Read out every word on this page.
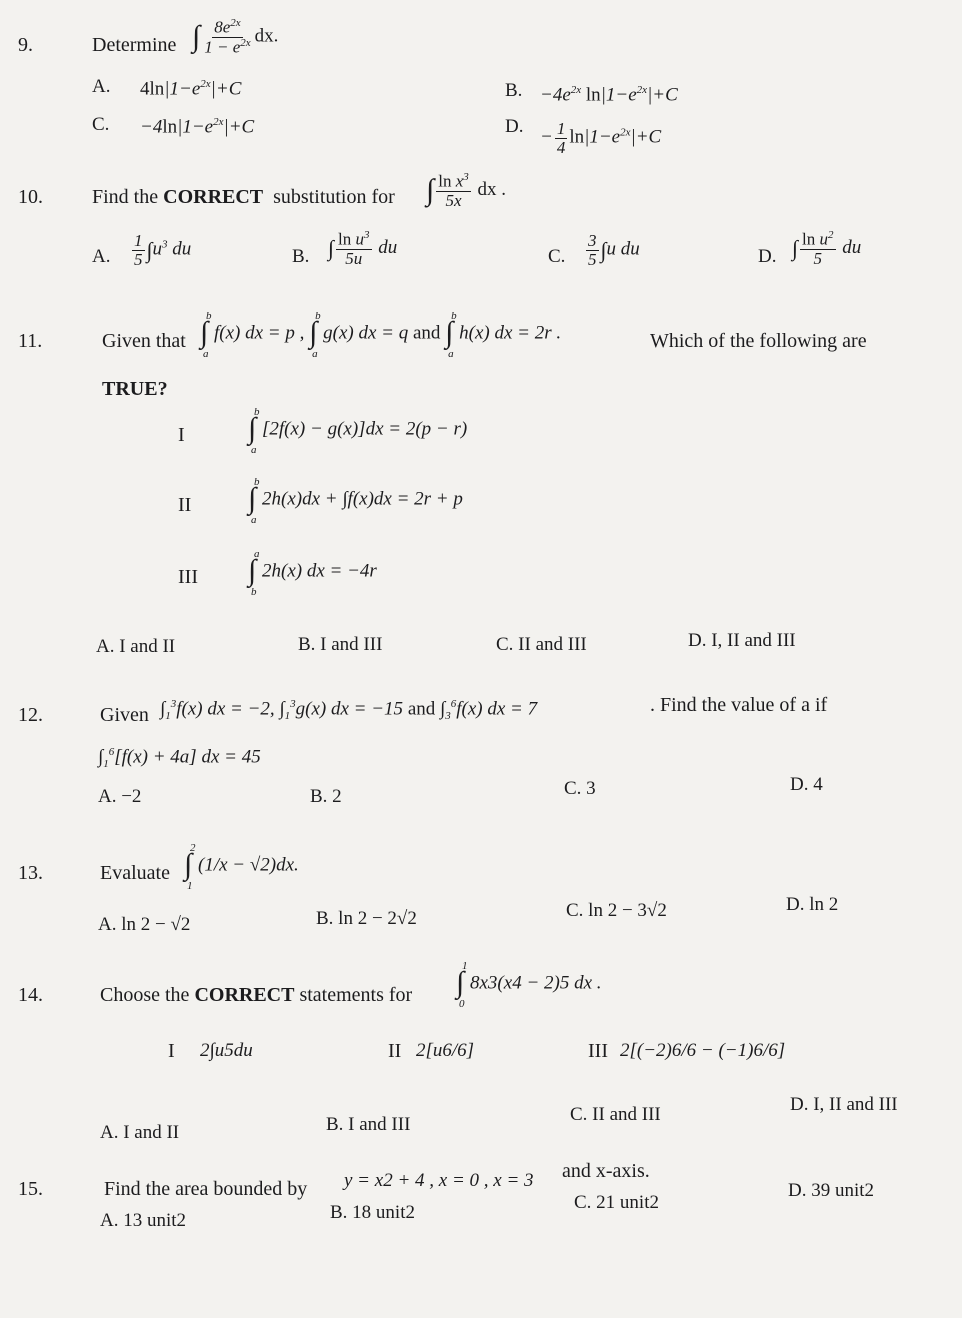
9.	Determine ∫ $\frac{8e^{2x}}{1 - e^{2x}}$ dx.
A. $4\ln|1-e^{2x}|+C$	B. $-4e^{2x}$ $\ln|1-e^{2x}|+C$
C. $-4\ln|1-e^{2x}|+C$	D.
− $\frac{1}{4} \ln|1-e^{2x}|+C$
10. Find the CORRECT substitution for ∫ $\frac{\ln x^3}{5x}$ dx .
A. $\frac{1}{5} \int u^3$ du	B. ∫ $\frac{\ln u^3}{5u}$ du	C. $\frac{3}{5} \int u$ du	D. ∫ $\frac{\ln u^2}{5}$ du
11.	Given that ∫
b
a
f(x) dx = p , ∫
b
a
g(x) dx = q and ∫
b
a
h(x) dx = 2r .	Which of the following are
TRUE?
I ∫
b
a
[2f(x) − g(x)]dx = 2(p − r)
II ∫
b
a
2h(x)dx + ∫f(x)dx = 2r + p
III ∫
a
b
2h(x) dx = −4r
A. I and II	B. I and III	C. II and III	D. I, II and III
12.	Given $\int_1^3f(x)$ dx = −2, $\int_1^3g(x)$ dx = −15 and $\int_3^6f(x)$ dx = 7	. Find the value of a if
$\int_1^6[f(x) + 4a]$ dx = 45
A. −2	B. 2	C. 3	D. 4
13.	Evaluate ∫
2
1
(1/x − √2)dx.
A. ln 2 − √2	B. ln 2 − 2√2	C. ln 2 − 3√2	D. ln 2
14.	Choose the CORRECT statements for ∫
1
0
8x3(x4 − 2)5 dx .
I 2∫u5du	II 2[u6/6]	III 2[(−2)6/6 − (−1)6/6]
A. I and II	B. I and III	C. II and III	D. I, II and III
15.	Find the area bounded by y = x2 + 4 , x = 0 , x = 3 and x-axis.
A. 13 unit2	B. 18 unit2	C. 21 unit2
D. 39 unit2
